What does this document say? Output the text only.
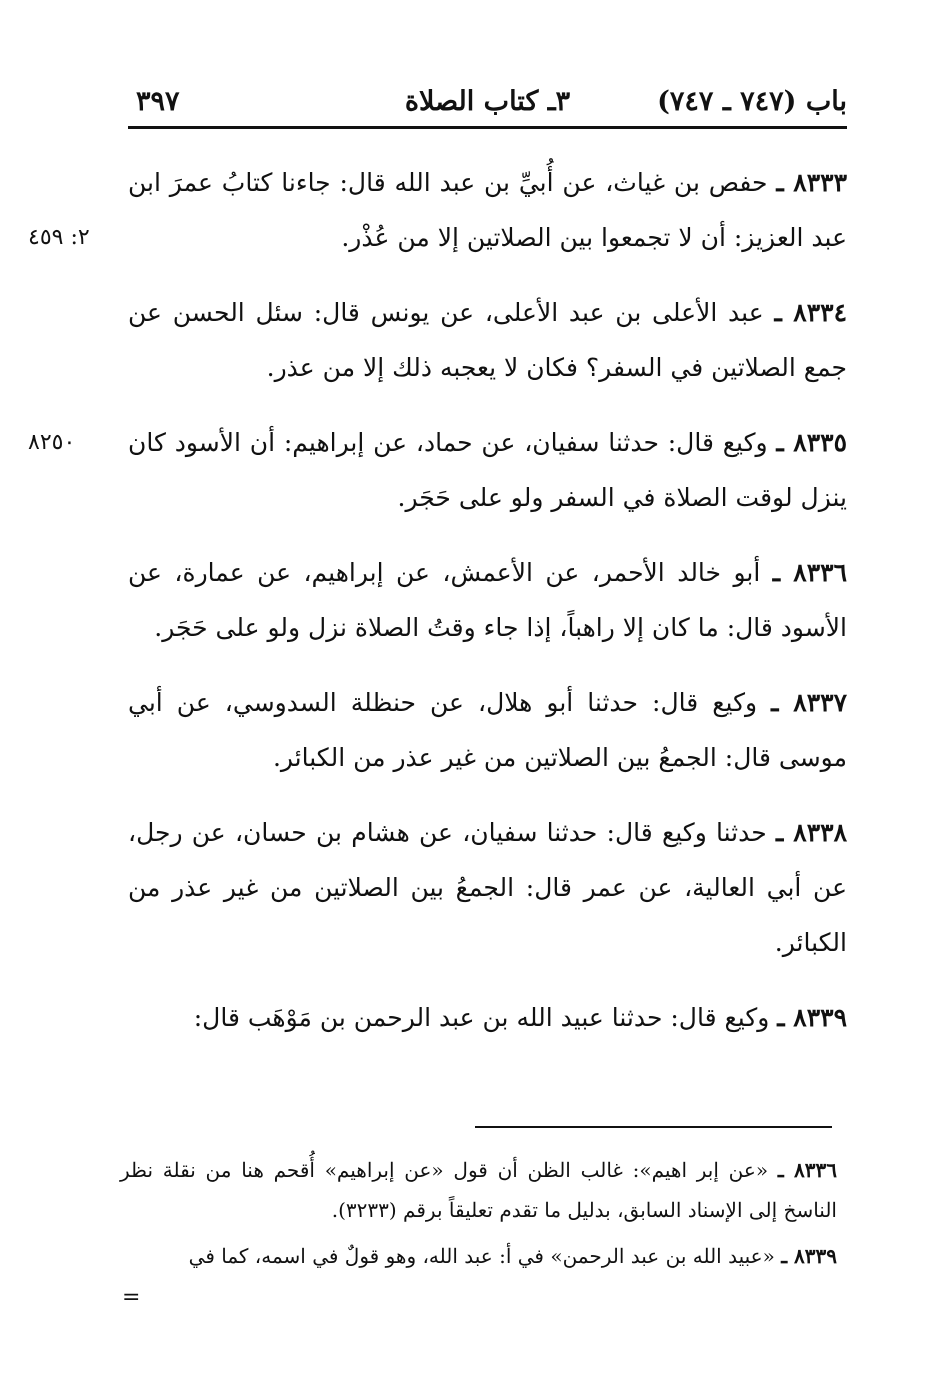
٣٩٧	٣ـ كتاب الصلاة	باب (٧٤٧ ـ ٧٤٧)

٨٣٣٣ ـ حفص بن غياث، عن أُبيِّ بن عبد الله قال: جاءنا كتابُ عمرَ ابن عبد العزيز: أن لا تجمعوا بين الصلاتين إلا من عُذْر.
٢: ٤٥٩

٨٣٣٤ ـ عبد الأعلى بن عبد الأعلى، عن يونس قال: سئل الحسن عن جمع الصلاتين في السفر؟ فكان لا يعجبه ذلك إلا من عذر.

٨٣٣٥ ـ وكيع قال: حدثنا سفيان، عن حماد، عن إبراهيم: أن الأسود كان ينزل لوقت الصلاة في السفر ولو على حَجَر.
٨٢٥٠

٨٣٣٦ ـ أبو خالد الأحمر، عن الأعمش، عن إبراهيم، عن عمارة، عن الأسود قال: ما كان إلا راهباً، إذا جاء وقتُ الصلاة نزل ولو على حَجَر.

٨٣٣٧ ـ وكيع قال: حدثنا أبو هلال، عن حنظلة السدوسي، عن أبي موسى قال: الجمعُ بين الصلاتين من غير عذر من الكبائر.

٨٣٣٨ ـ حدثنا وكيع قال: حدثنا سفيان، عن هشام بن حسان، عن رجل، عن أبي العالية، عن عمر قال: الجمعُ بين الصلاتين من غير عذر من الكبائر.

٨٣٣٩ ـ وكيع قال: حدثنا عبيد الله بن عبد الرحمن بن مَوْهَب قال:

٨٣٣٦ ـ «عن إبر اهيم»: غالب الظن أن قول «عن إبراهيم» أُقحم هنا من نقلة نظر الناسخ إلى الإسناد السابق، بدليل ما تقدم تعليقاً برقم (٣٢٣٣).

٨٣٣٩ ـ «عبيد الله بن عبد الرحمن» في أ: عبد الله، وهو قولٌ في اسمه، كما في

=
